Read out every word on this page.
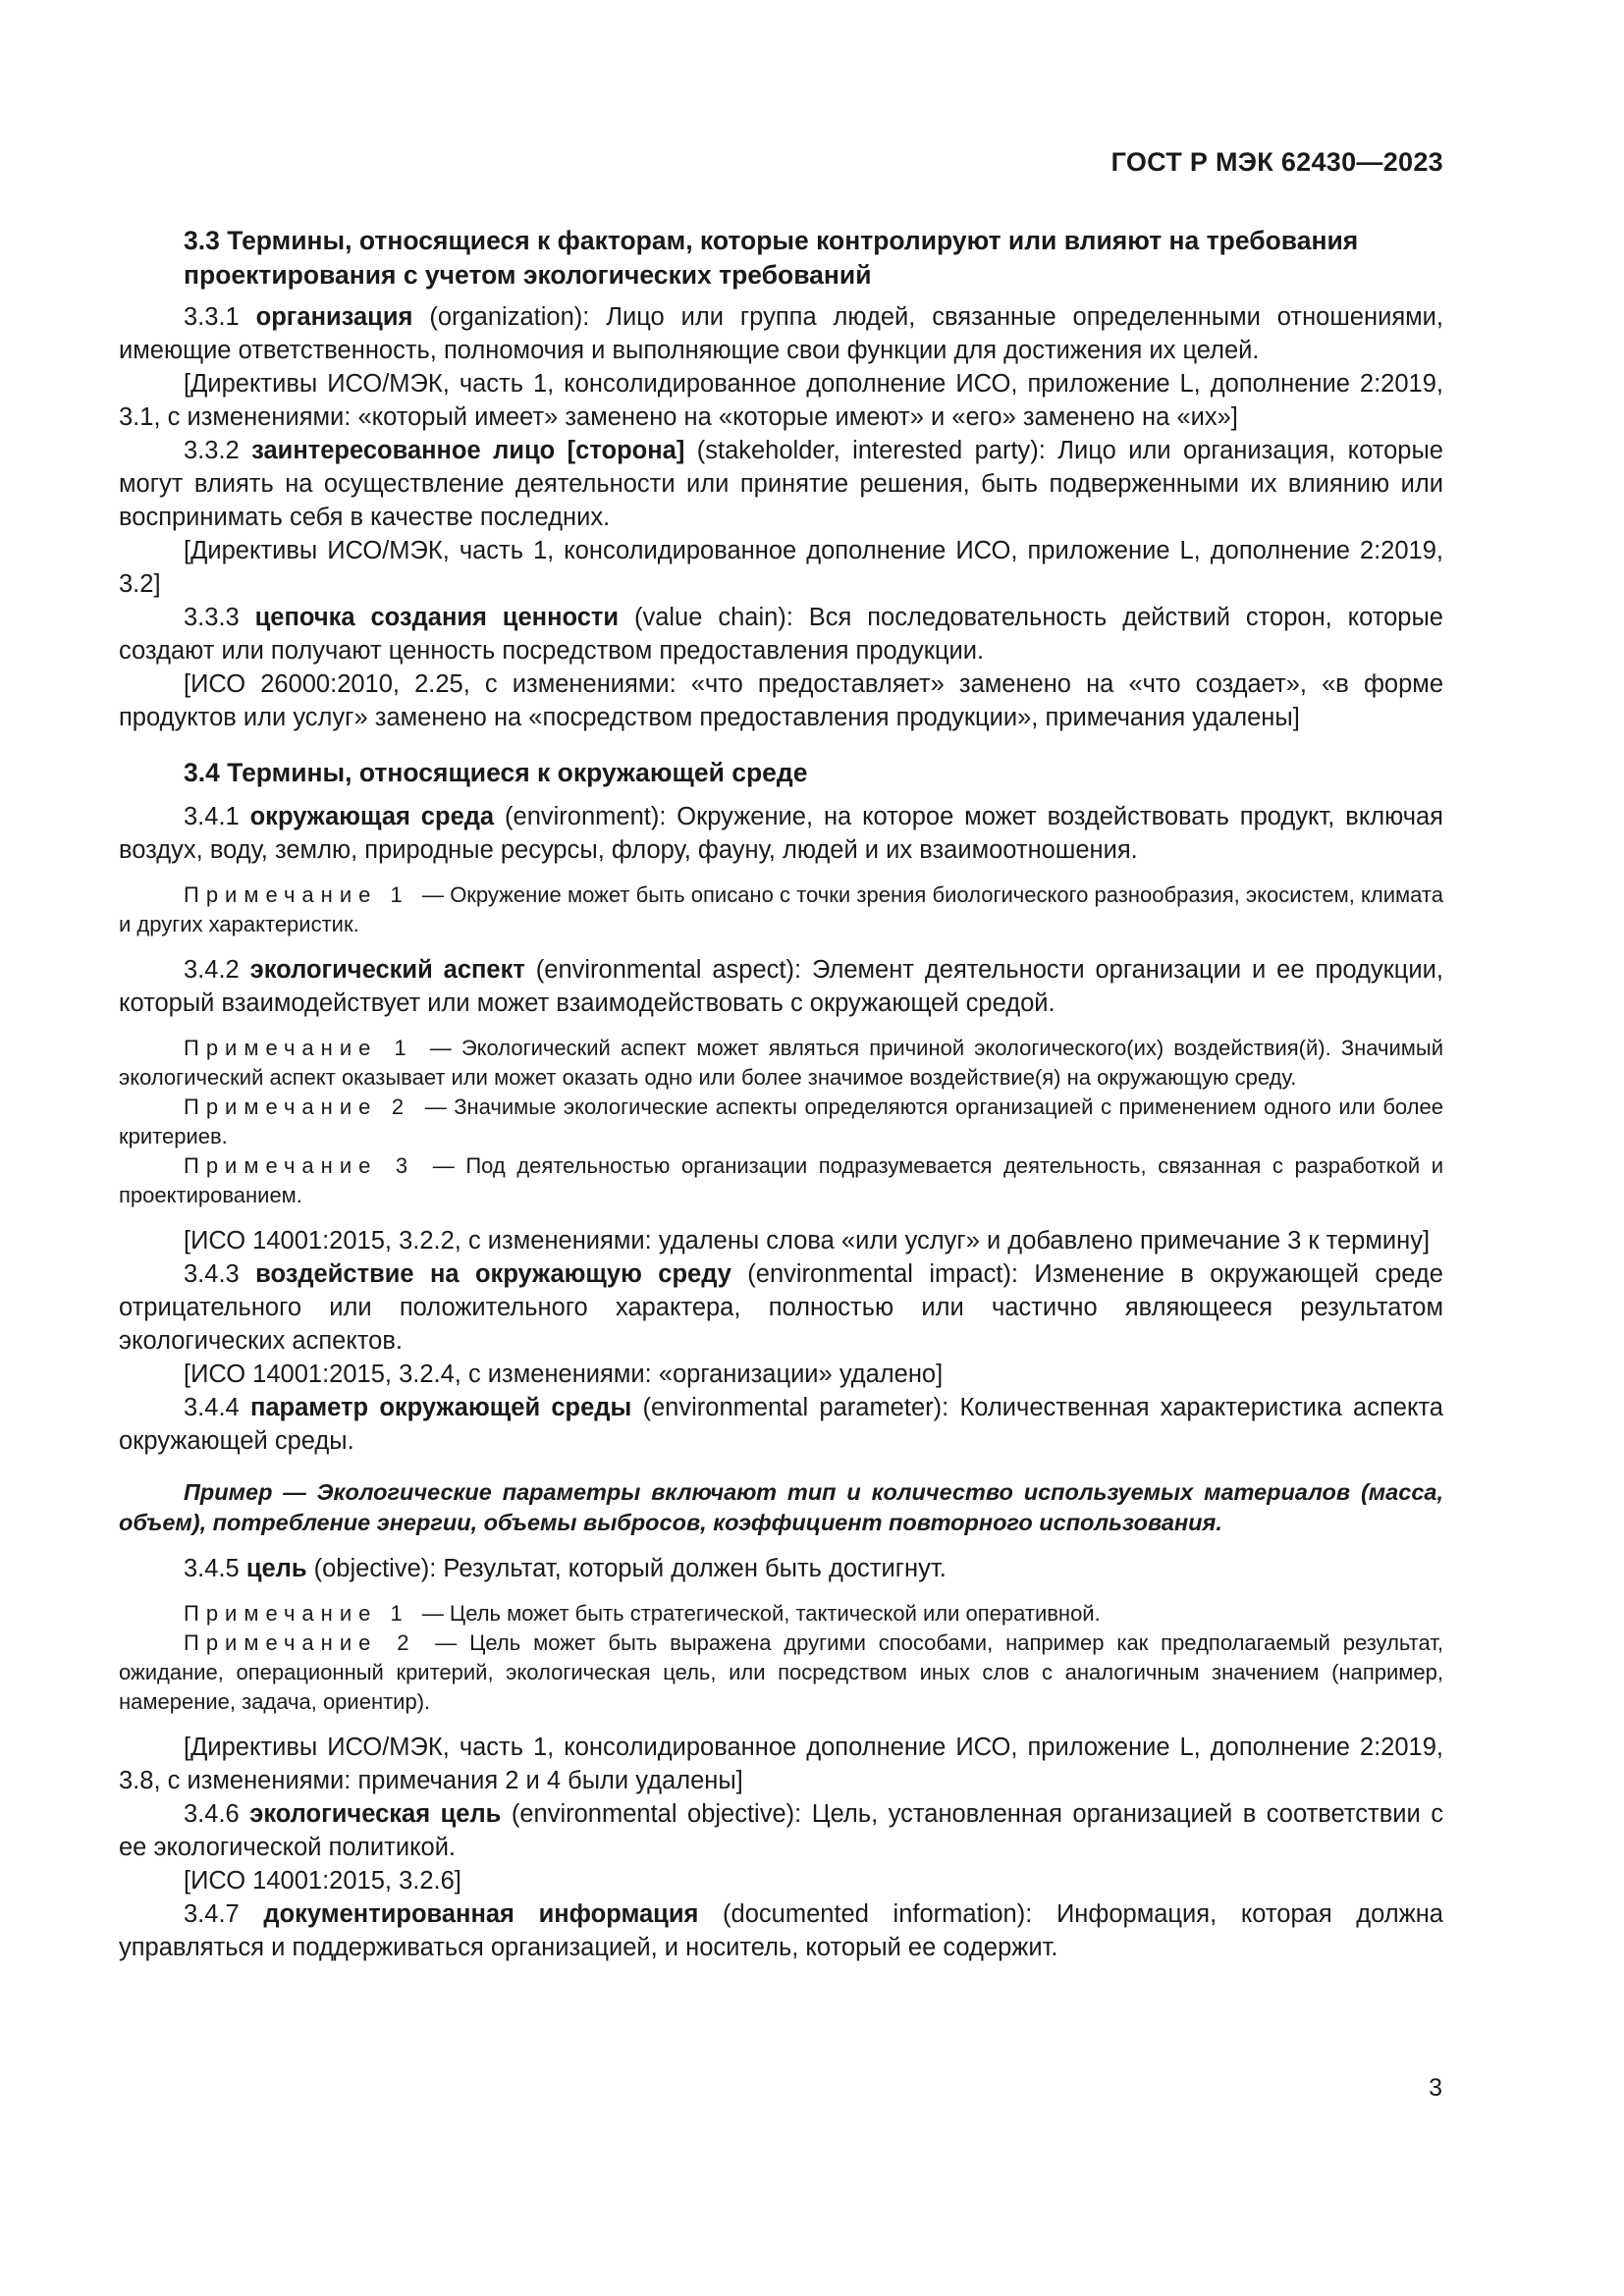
ГОСТ Р МЭК 62430—2023
3.3 Термины, относящиеся к факторам, которые контролируют или влияют на требования проектирования с учетом экологических требований

3.3.1 организация (organization): Лицо или группа людей, связанные определенными отношениями, имеющие ответственность, полномочия и выполняющие свои функции для достижения их целей.

[Директивы ИСО/МЭК, часть 1, консолидированное дополнение ИСО, приложение L, дополнение 2:2019, 3.1, с изменениями: «который имеет» заменено на «которые имеют» и «его» заменено на «их»]

3.3.2 заинтересованное лицо [сторона] (stakeholder, interested party): Лицо или организация, которые могут влиять на осуществление деятельности или принятие решения, быть подверженными их влиянию или воспринимать себя в качестве последних.

[Директивы ИСО/МЭК, часть 1, консолидированное дополнение ИСО, приложение L, дополнение 2:2019, 3.2]

3.3.3 цепочка создания ценности (value chain): Вся последовательность действий сторон, которые создают или получают ценность посредством предоставления продукции.

[ИСО 26000:2010, 2.25, с изменениями: «что предоставляет» заменено на «что создает», «в форме продуктов или услуг» заменено на «посредством предоставления продукции», примечания удалены]

3.4 Термины, относящиеся к окружающей среде

3.4.1 окружающая среда (environment): Окружение, на которое может воздействовать продукт, включая воздух, воду, землю, природные ресурсы, флору, фауну, людей и их взаимоотношения.

Примечание 1 — Окружение может быть описано с точки зрения биологического разнообразия, экосистем, климата и других характеристик.

3.4.2 экологический аспект (environmental aspect): Элемент деятельности организации и ее продукции, который взаимодействует или может взаимодействовать с окружающей средой.

Примечание 1 — Экологический аспект может являться причиной экологического(их) воздействия(й). Значимый экологический аспект оказывает или может оказать одно или более значимое воздействие(я) на окружающую среду.

Примечание 2 — Значимые экологические аспекты определяются организацией с применением одного или более критериев.

Примечание 3 — Под деятельностью организации подразумевается деятельность, связанная с разработкой и проектированием.

[ИСО 14001:2015, 3.2.2, с изменениями: удалены слова «или услуг» и добавлено примечание 3 к термину]

3.4.3 воздействие на окружающую среду (environmental impact): Изменение в окружающей среде отрицательного или положительного характера, полностью или частично являющееся результатом экологических аспектов.

[ИСО 14001:2015, 3.2.4, с изменениями: «организации» удалено]

3.4.4 параметр окружающей среды (environmental parameter): Количественная характеристика аспекта окружающей среды.

Пример — Экологические параметры включают тип и количество используемых материалов (масса, объем), потребление энергии, объемы выбросов, коэффициент повторного использования.

3.4.5 цель (objective): Результат, который должен быть достигнут.

Примечание 1 — Цель может быть стратегической, тактической или оперативной.

Примечание 2 — Цель может быть выражена другими способами, например как предполагаемый результат, ожидание, операционный критерий, экологическая цель, или посредством иных слов с аналогичным значением (например, намерение, задача, ориентир).

[Директивы ИСО/МЭК, часть 1, консолидированное дополнение ИСО, приложение L, дополнение 2:2019, 3.8, с изменениями: примечания 2 и 4 были удалены]

3.4.6 экологическая цель (environmental objective): Цель, установленная организацией в соответствии с ее экологической политикой.

[ИСО 14001:2015, 3.2.6]

3.4.7 документированная информация (documented information): Информация, которая должна управляться и поддерживаться организацией, и носитель, который ее содержит.

3
